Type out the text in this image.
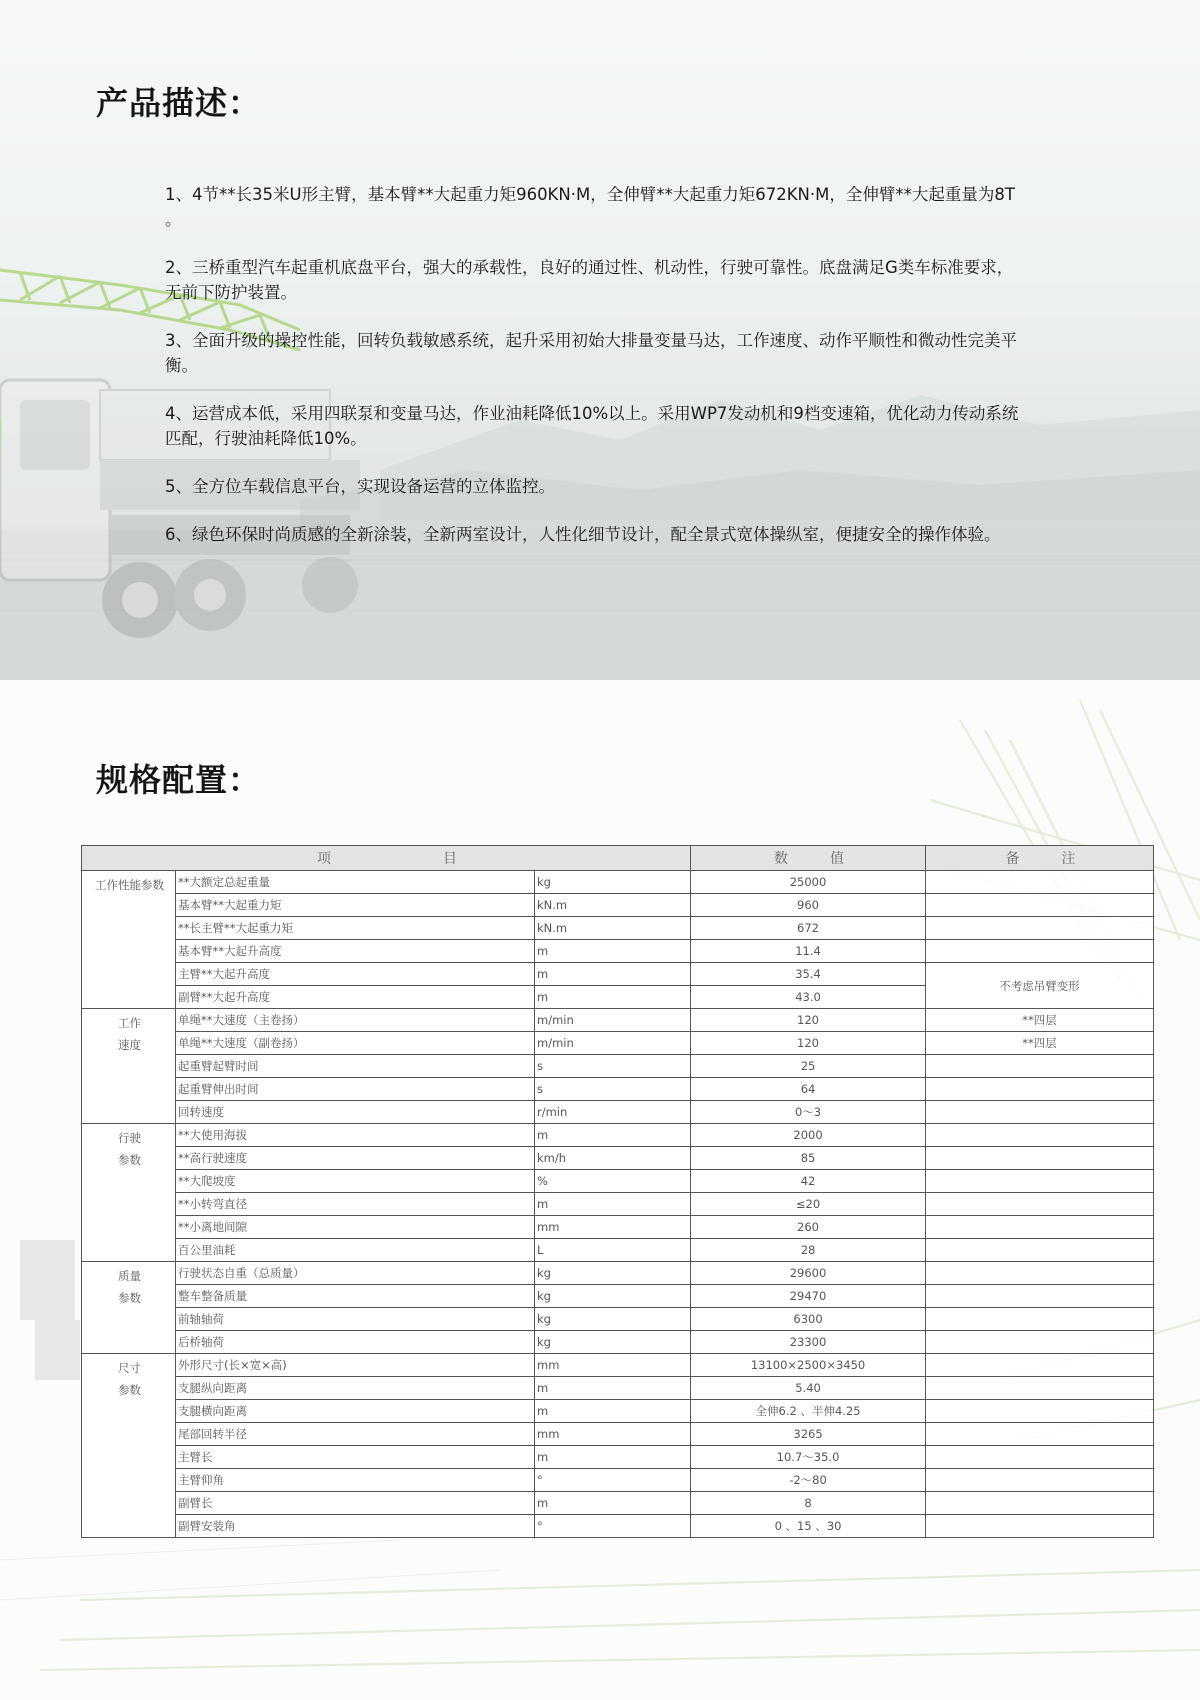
产品描述：

1、4节**长35米U形主臂，基本臂**大起重力矩960KN·M，全伸臂**大起重力矩672KN·M，全伸臂**大起重量为8T 。

2、三桥重型汽车起重机底盘平台，强大的承载性，良好的通过性、机动性，行驶可靠性。底盘满足G类车标准要求，无前下防护装置。

3、全面升级的操控性能，回转负载敏感系统，起升采用初始大排量变量马达，工作速度、动作平顺性和微动性完美平衡。

4、运营成本低，采用四联泵和变量马达，作业油耗降低10%以上。采用WP7发动机和9档变速箱，优化动力传动系统匹配，行驶油耗降低10%。

5、全方位车载信息平台，实现设备运营的立体监控。

6、绿色环保时尚质感的全新涂装，全新两室设计，人性化细节设计，配全景式宽体操纵室，便捷安全的操作体验。

规格配置：
项　　　　　　　　目			数　　　值	备　　　注

工作性能参数	**大额定总起重量	kg	25000	
	基本臂**大起重力矩	kN.m	960	
	**长主臂**大起重力矩	kN.m	672	
	基本臂**大起升高度	m	11.4	
	主臂**大起升高度	m	35.4	不考虑吊臂变形
	副臂**大起升高度	m	43.0	

工作
速度	单绳**大速度（主卷扬）	m/min	120	**四层
	单绳**大速度（副卷扬）	m/min	120	**四层
	起重臂起臂时间	s	25	
	起重臂伸出时间	s	64	
	回转速度	r/min	0～3	

行驶
参数	**大使用海拔	m	2000	
	**高行驶速度	km/h	85	
	**大爬坡度	%	42	
	**小转弯直径	m	≤20	
	**小离地间隙	mm	260	
	百公里油耗	L	28	

质量
参数	行驶状态自重（总质量）	kg	29600	
	整车整备质量	kg	29470	
	前轴轴荷	kg	6300	
	后桥轴荷	kg	23300	

尺寸
参数	外形尺寸(长×宽×高)	mm	13100×2500×3450	
	支腿纵向距离	m	5.40	
	支腿横向距离	m	全伸6.2 、半伸4.25	
	尾部回转半径	mm	3265	
	主臂长	m	10.7～35.0	
	主臂仰角	°	-2～80	
	副臂长	m	8	
	副臂安装角	°	0 、15 、30	
